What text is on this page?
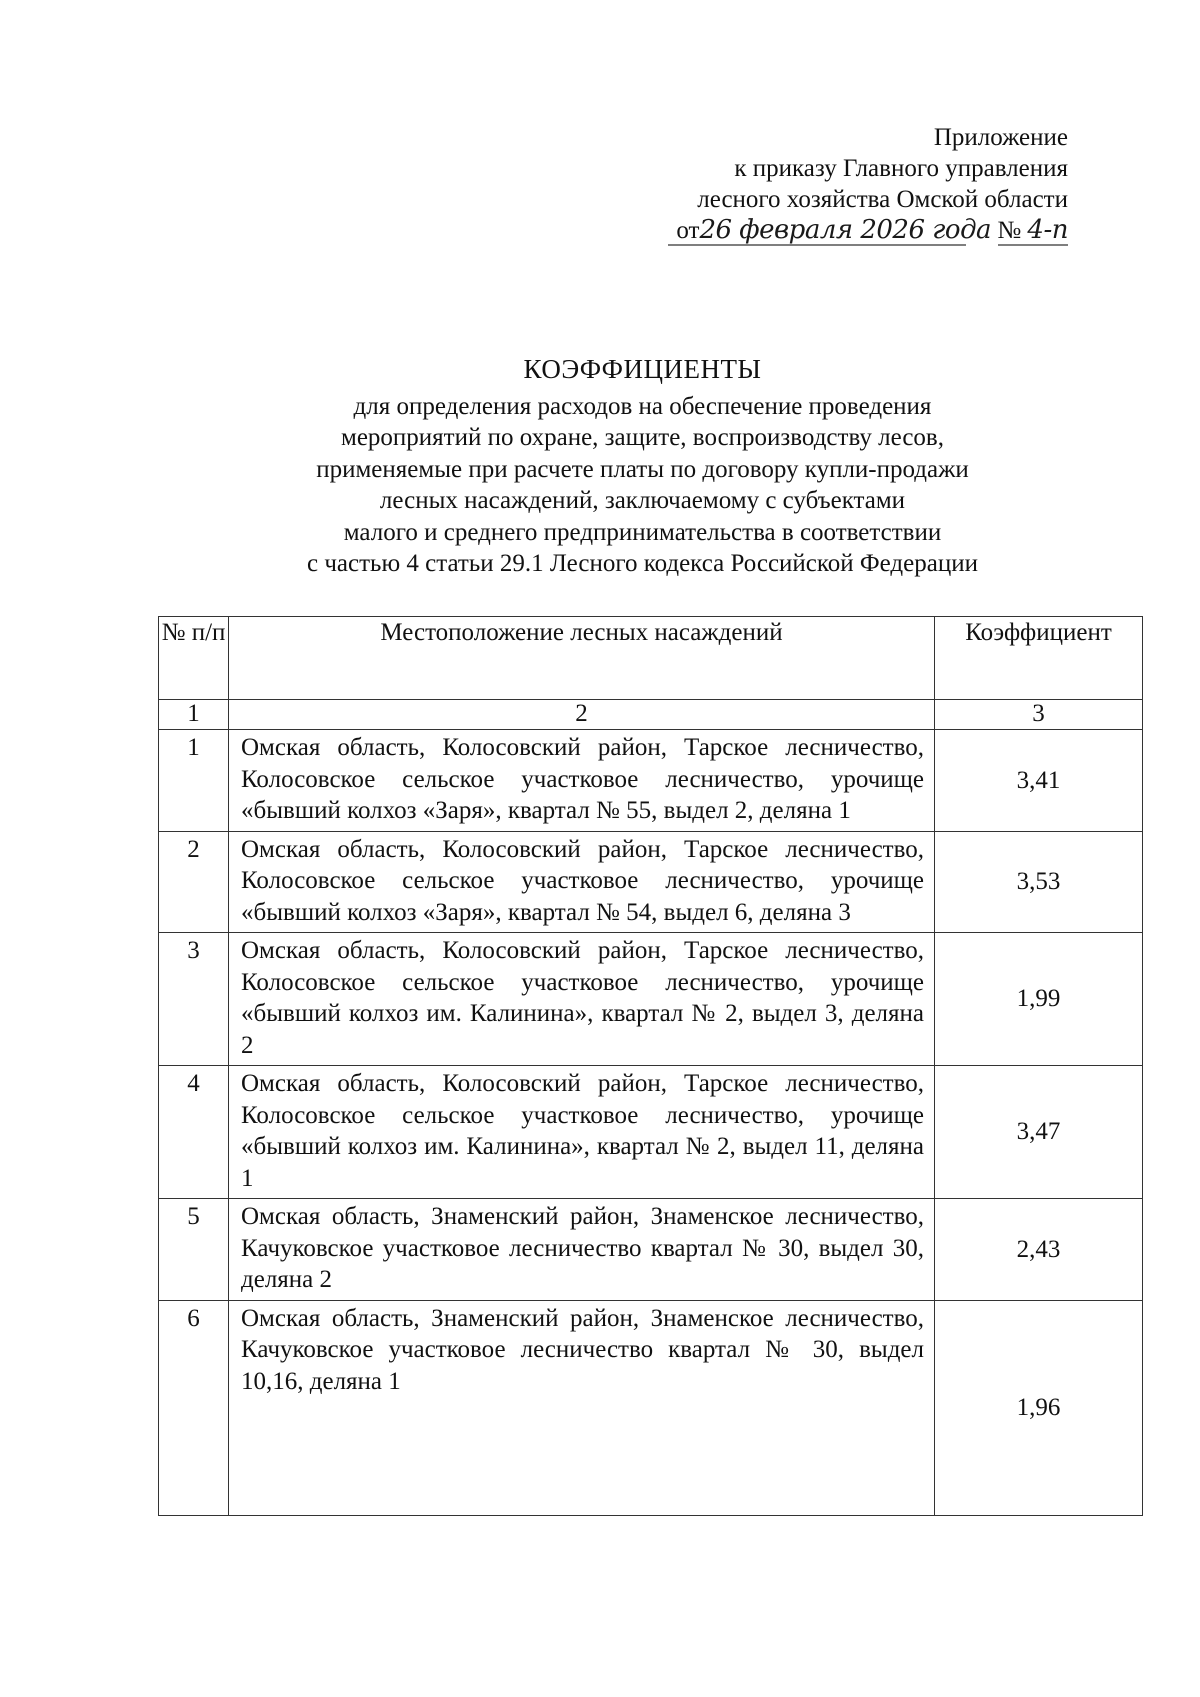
Приложение
к приказу Главного управления
лесного хозяйства Омской области
от26 февраля 2026 года № 4-п
КОЭФФИЦИЕНТЫ
для определения расходов на обеспечение проведения
мероприятий по охране, защите, воспроизводству лесов,
применяемые при расчете платы по договору купли-продажи
лесных насаждений, заключаемому с субъектами
малого и среднего предпринимательства в соответствии
с частью 4 статьи 29.1 Лесного кодекса Российской Федерации
№ п/п	Местоположение лесных насаждений	Коэффициент
1	2	3
1	Омская область, Колосовский район, Тарское лесничество, Колосовское сельское участковое лесничество, урочище «бывший колхоз «Заря», квартал № 55, выдел 2, деляна 1	3,41
2	Омская область, Колосовский район, Тарское лесничество, Колосовское сельское участковое лесничество, урочище «бывший колхоз «Заря», квартал № 54, выдел 6, деляна 3	3,53
3	Омская область, Колосовский район, Тарское лесничество, Колосовское сельское участковое лесничество, урочище «бывший колхоз им. Калинина», квартал № 2, выдел 3, деляна 2	1,99
4	Омская область, Колосовский район, Тарское лесничество, Колосовское сельское участковое лесничество, урочище «бывший колхоз им. Калинина», квартал № 2, выдел 11, деляна 1	3,47
5	Омская область, Знаменский район, Знаменское лесничество, Качуковское участковое лесничество квартал № 30, выдел 30, деляна 2	2,43
6	Омская область, Знаменский район, Знаменское лесничество, Качуковское участковое лесничество квартал № 30, выдел 10,16, деляна 1	1,96
